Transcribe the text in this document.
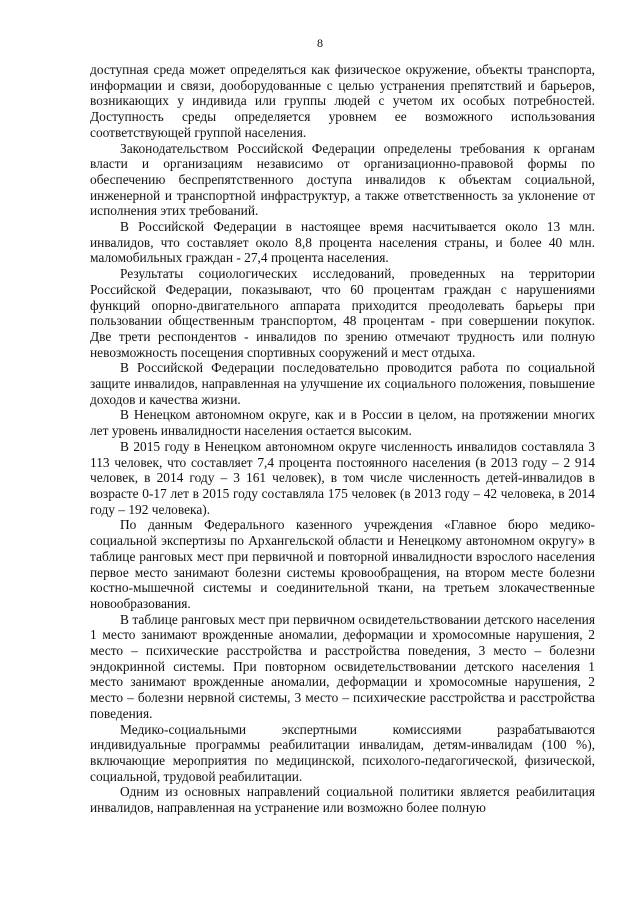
8

доступная среда может определяться как физическое окружение, объекты транспорта, информации и связи, дооборудованные с целью устранения препятствий и барьеров, возникающих у индивида или группы людей с учетом их особых потребностей. Доступность среды определяется уровнем ее возможного использования соответствующей группой населения.

Законодательством Российской Федерации определены требования к органам власти и организациям независимо от организационно-правовой формы по обеспечению беспрепятственного доступа инвалидов к объектам социальной, инженерной и транспортной инфраструктур, а также ответственность за уклонение от исполнения этих требований.

В Российской Федерации в настоящее время насчитывается около 13 млн. инвалидов, что составляет около 8,8 процента населения страны, и более 40 млн. маломобильных граждан - 27,4 процента населения.

Результаты социологических исследований, проведенных на территории Российской Федерации, показывают, что 60 процентам граждан с нарушениями функций опорно-двигательного аппарата приходится преодолевать барьеры при пользовании общественным транспортом, 48 процентам - при совершении покупок. Две трети респондентов - инвалидов по зрению отмечают трудность или полную невозможность посещения спортивных сооружений и мест отдыха.

В Российской Федерации последовательно проводится работа по социальной защите инвалидов, направленная на улучшение их социального положения, повышение доходов и качества жизни.

В Ненецком автономном округе, как и в России в целом, на протяжении многих лет уровень инвалидности населения остается высоким.

В 2015 году в Ненецком автономном округе численность инвалидов составляла 3 113 человек, что составляет 7,4 процента постоянного населения (в 2013 году – 2 914 человек, в 2014 году – 3 161 человек), в том числе численность детей-инвалидов в возрасте 0-17 лет в 2015 году составляла 175 человек (в 2013 году – 42 человека, в 2014 году – 192 человека).

По данным Федерального казенного учреждения «Главное бюро медико-социальной экспертизы по Архангельской области и Ненецкому автономном округу» в таблице ранговых мест при первичной и повторной инвалидности взрослого населения первое место занимают болезни системы кровообращения, на втором месте болезни костно-мышечной системы и соединительной ткани, на третьем злокачественные новообразования.

В таблице ранговых мест при первичном освидетельствовании детского населения 1 место занимают врожденные аномалии, деформации и хромосомные нарушения, 2 место – психические расстройства и расстройства поведения, 3 место – болезни эндокринной системы. При повторном освидетельствовании детского населения 1 место занимают врожденные аномалии, деформации и хромосомные нарушения, 2 место – болезни нервной системы, 3 место – психические расстройства и расстройства поведения.

Медико-социальными экспертными комиссиями разрабатываются индивидуальные программы реабилитации инвалидам, детям-инвалидам (100 %), включающие мероприятия по медицинской, психолого-педагогической, физической, социальной, трудовой реабилитации.

Одним из основных направлений социальной политики является реабилитация инвалидов, направленная на устранение или возможно более полную
